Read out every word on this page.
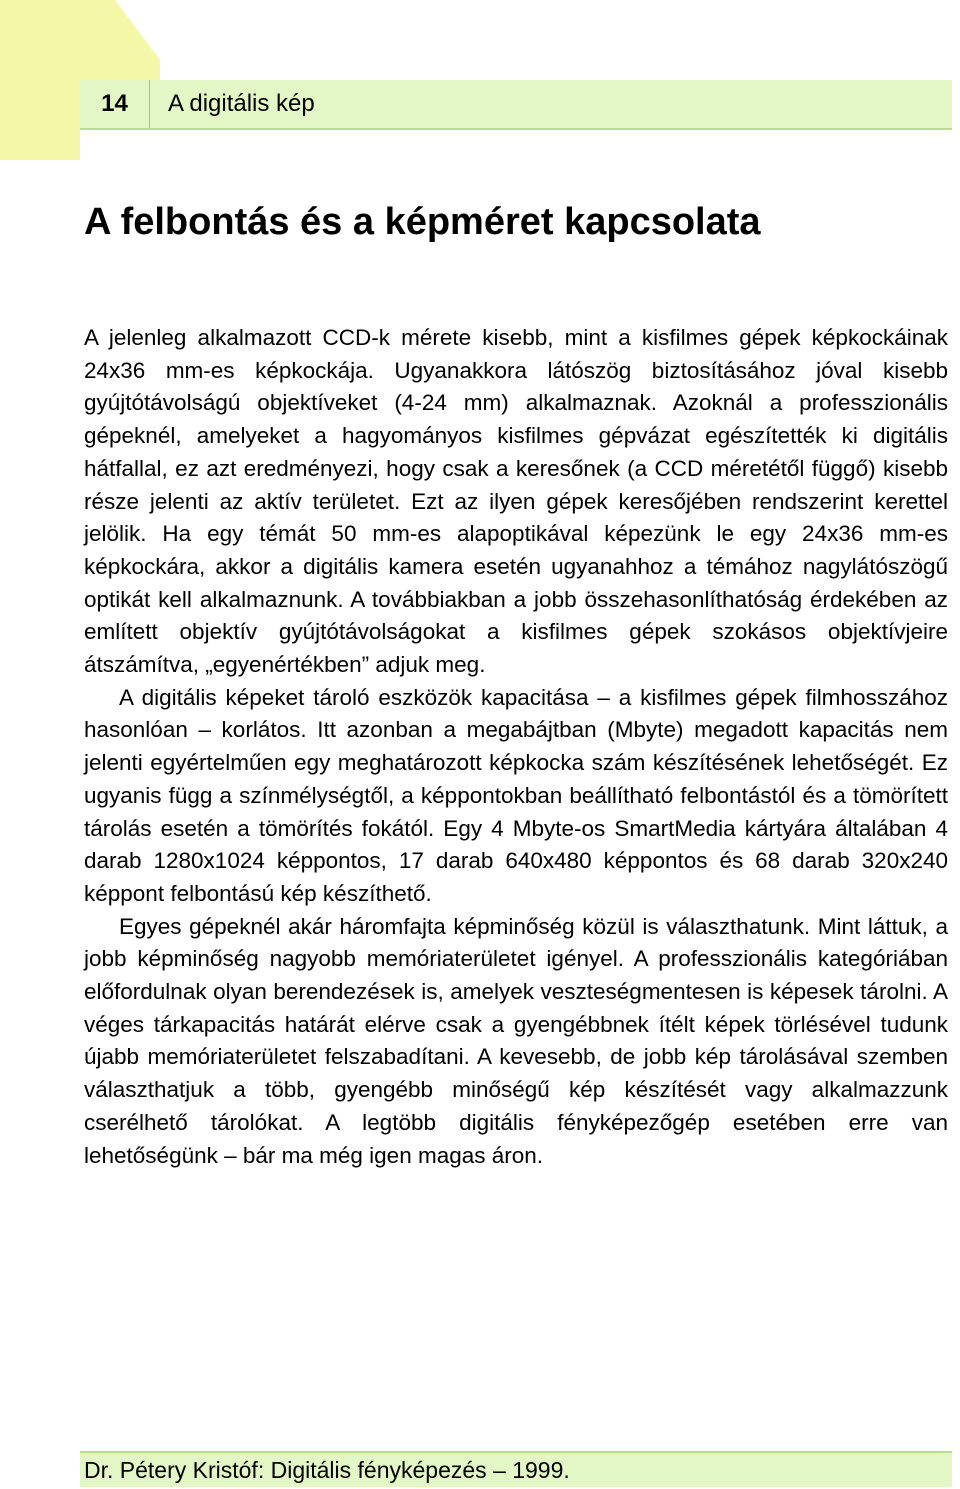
14	A digitális kép
A felbontás és a képméret kapcsolata

A jelenleg alkalmazott CCD-k mérete kisebb, mint a kisfilmes gépek képkockáinak 24x36 mm-es képkockája. Ugyanakkora látószög biztosításához jóval kisebb gyújtótávolságú objektíveket (4-24 mm) alkalmaznak. Azoknál a professzionális gépeknél, amelyeket a hagyományos kisfilmes gépvázat egészítették ki digitális hátfallal, ez azt eredményezi, hogy csak a keresőnek (a CCD méretétől függő) kisebb része jelenti az aktív területet. Ezt az ilyen gépek keresőjében rendszerint kerettel jelölik. Ha egy témát 50 mm-es alapoptikával képezünk le egy 24x36 mm-es képkockára, akkor a digitális kamera esetén ugyanahhoz a témához nagylátószögű optikát kell alkalmaznunk. A továbbiakban a jobb összehasonlíthatóság érdekében az említett objektív gyújtótávolságokat a kisfilmes gépek szokásos objektívjeire átszámítva, „egyenértékben” adjuk meg.

A digitális képeket tároló eszközök kapacitása – a kisfilmes gépek filmhosszához hasonlóan – korlátos. Itt azonban a megabájtban (Mbyte) megadott kapacitás nem jelenti egyértelműen egy meghatározott képkocka szám készítésének lehetőségét. Ez ugyanis függ a színmélységtől, a képpontokban beállítható felbontástól és a tömörített tárolás esetén a tömörítés fokától. Egy 4 Mbyte-os SmartMedia kártyára általában 4 darab 1280x1024 képpontos, 17 darab 640x480 képpontos és 68 darab 320x240 képpont felbontású kép készíthető.

Egyes gépeknél akár háromfajta képminőség közül is választhatunk. Mint láttuk, a jobb képminőség nagyobb memóriaterületet igényel. A professzionális kategóriában előfordulnak olyan berendezések is, amelyek veszteségmentesen is képesek tárolni. A véges tárkapacitás határát elérve csak a gyengébbnek ítélt képek törlésével tudunk újabb memóriaterületet felszabadítani. A kevesebb, de jobb kép tárolásával szemben választhatjuk a több, gyengébb minőségű kép készítését vagy alkalmazzunk cserélhető tárolókat. A legtöbb digitális fényképezőgép esetében erre van lehetőségünk – bár ma még igen magas áron.

Dr. Pétery Kristóf: Digitális fényképezés – 1999.
